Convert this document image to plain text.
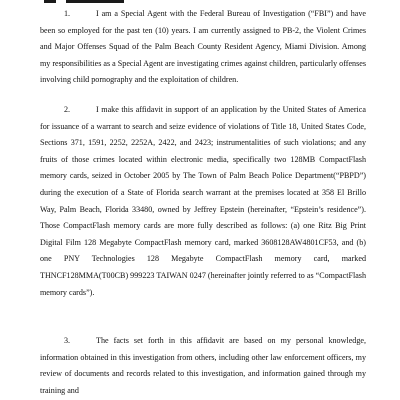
1.	I am a Special Agent with the Federal Bureau of Investigation (“FBI”) and have been so employed for the past ten (10) years. I am currently assigned to PB-2, the Violent Crimes and Major Offenses Squad of the Palm Beach County Resident Agency, Miami Division. Among my responsibilities as a Special Agent are investigating crimes against children, particularly offenses involving child pornography and the exploitation of children.

2.	I make this affidavit in support of an application by the United States of America for issuance of a warrant to search and seize evidence of violations of Title 18, United States Code, Sections 371, 1591, 2252, 2252A, 2422, and 2423; instrumentalities of such violations; and any fruits of those crimes located within electronic media, specifically two 128MB CompactFlash memory cards, seized in October 2005 by The Town of Palm Beach Police Department(“PBPD”) during the execution of a State of Florida search warrant at the premises located at 358 El Brillo Way, Palm Beach, Florida 33480, owned by Jeffrey Epstein (hereinafter, “Epstein’s residence”). Those CompactFlash memory cards are more fully described as follows: (a) one Ritz Big Print Digital Film 128 Megabyte CompactFlash memory card, marked 3608128AW4801CF53, and (b) one PNY Technologies 128 Megabyte CompactFlash memory card, marked THNCF128MMA(T00CB) 999223 TAIWAN 0247 (hereinafter jointly referred to as “CompactFlash memory cards”).

3.	The facts set forth in this affidavit are based on my personal knowledge, information obtained in this investigation from others, including other law enforcement officers, my review of documents and records related to this investigation, and information gained through my training and
